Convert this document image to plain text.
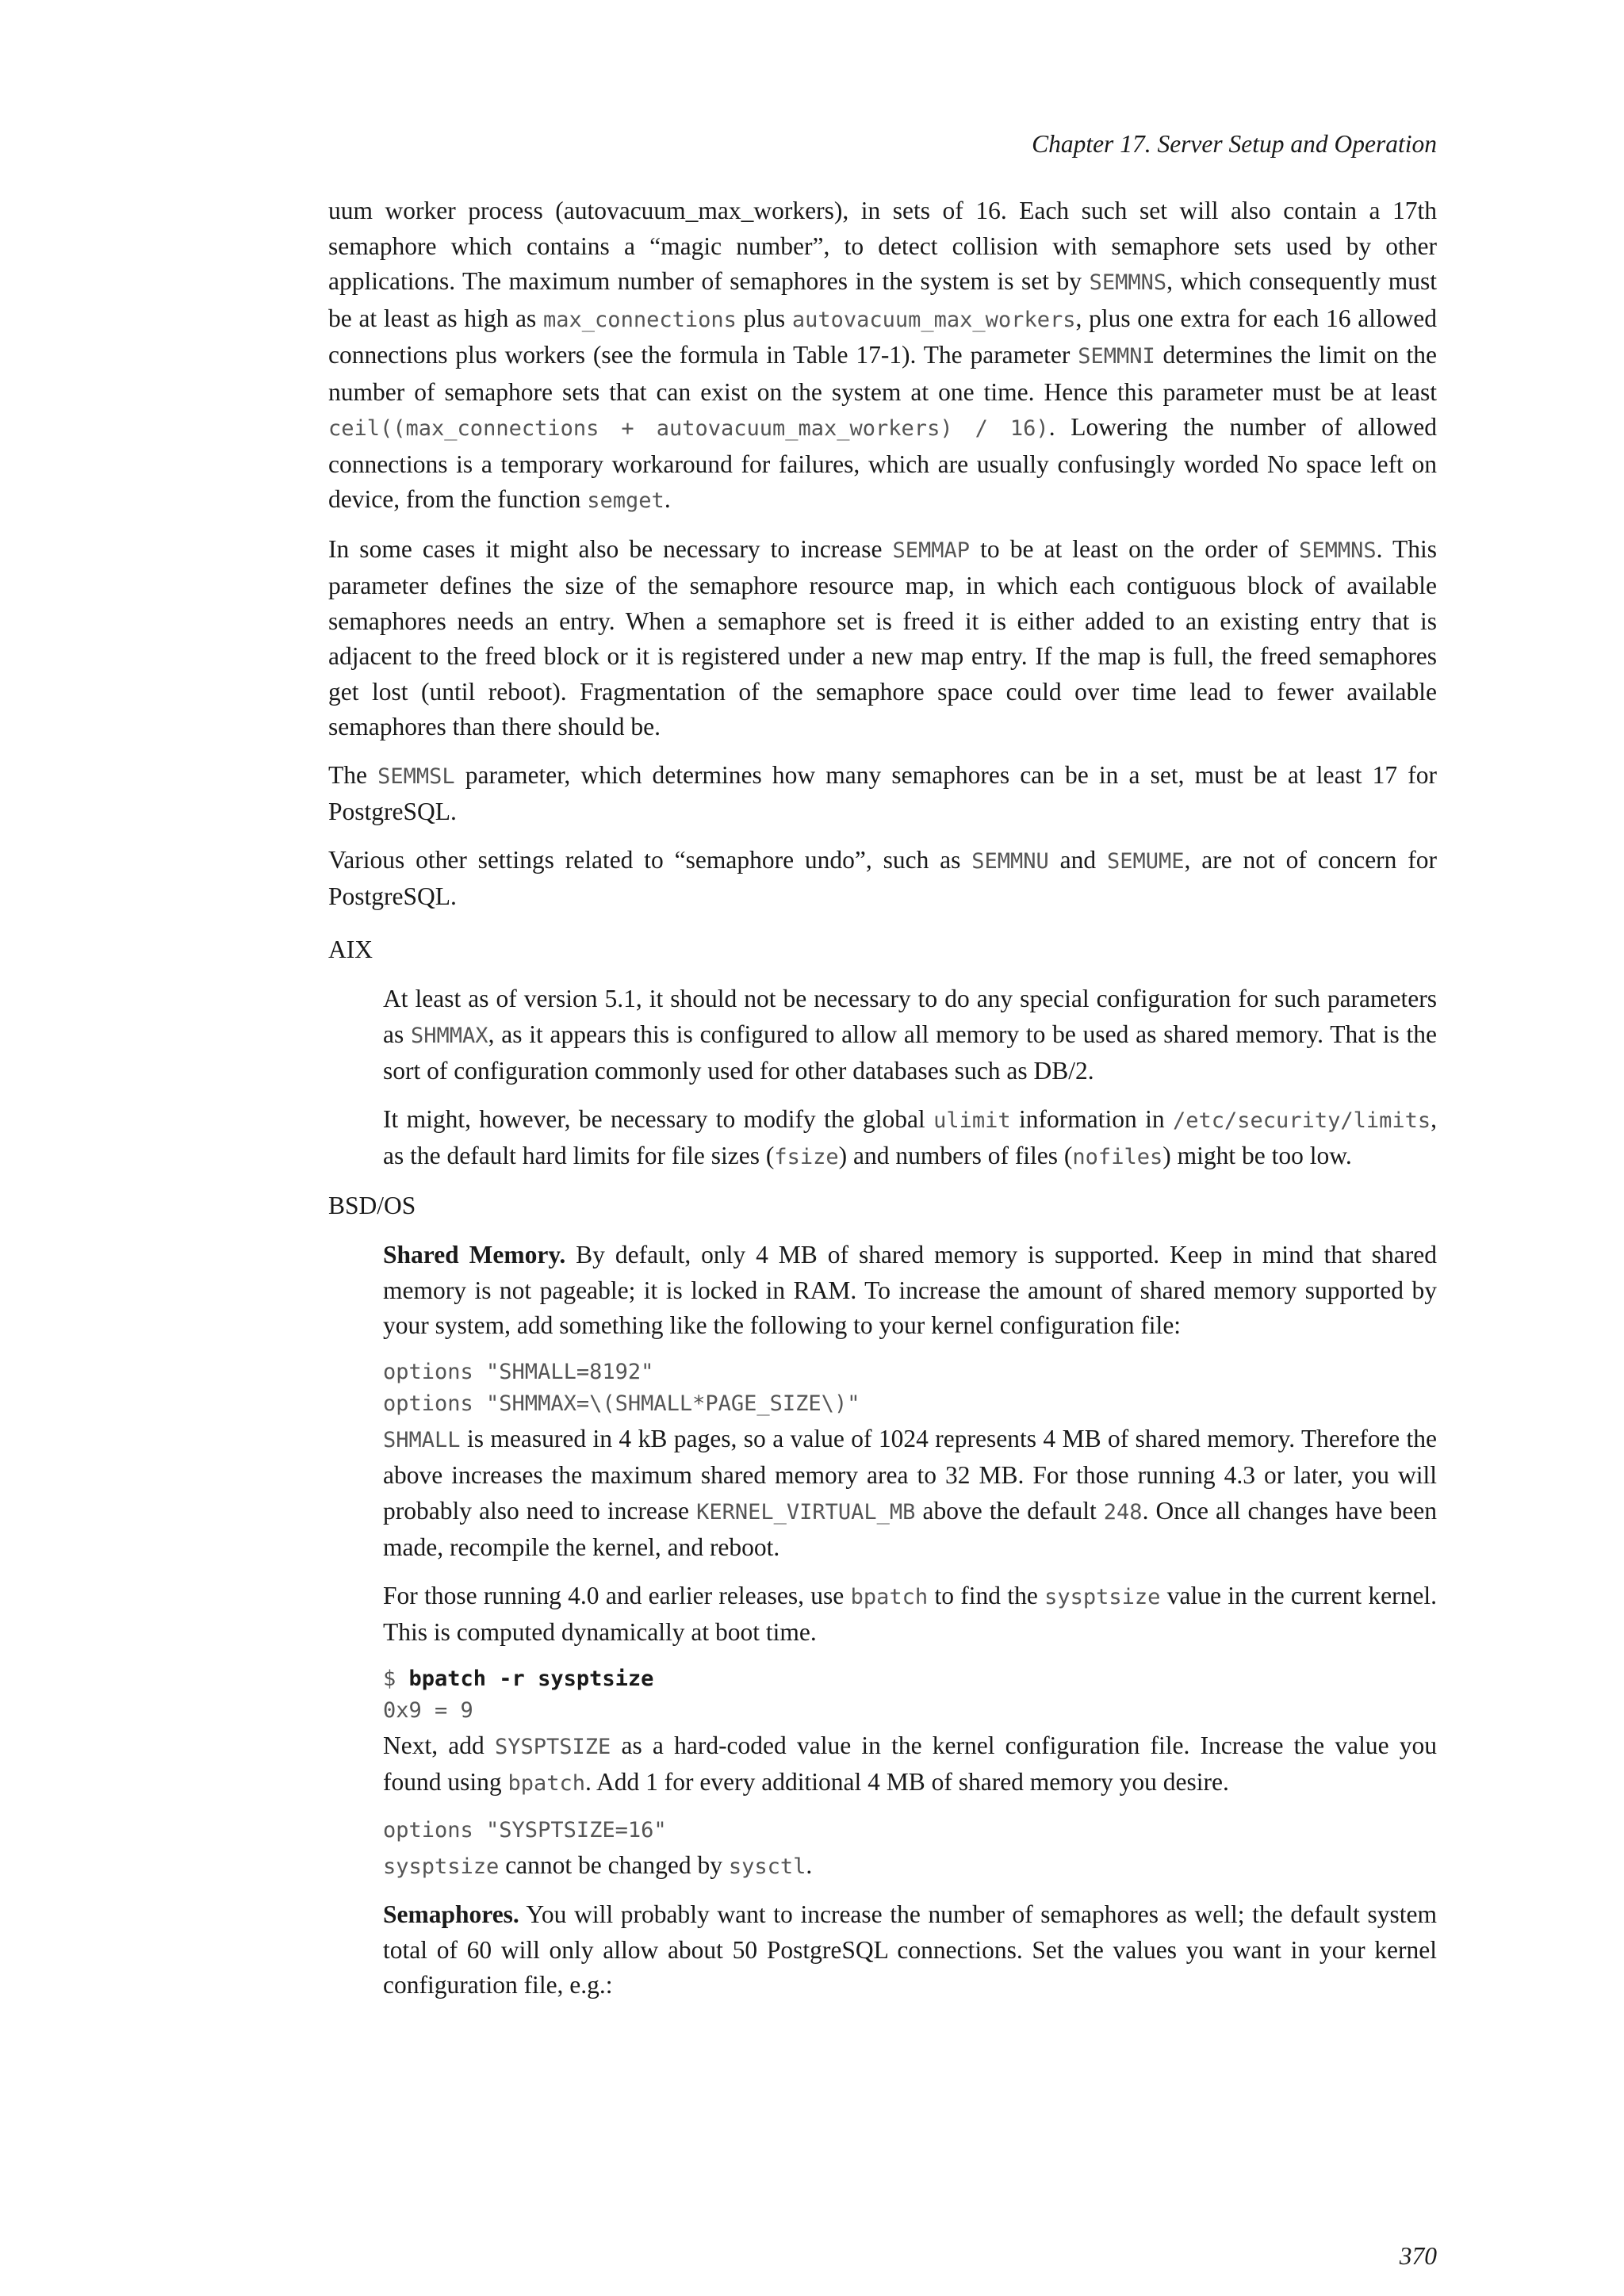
Chapter 17. Server Setup and Operation

uum worker process (autovacuum_max_workers), in sets of 16. Each such set will also contain a 17th semaphore which contains a “magic number”, to detect collision with semaphore sets used by other applications. The maximum number of semaphores in the system is set by SEMMNS, which consequently must be at least as high as max_connections plus autovacuum_max_workers, plus one extra for each 16 allowed connections plus workers (see the formula in Table 17-1). The parameter SEMMNI determines the limit on the number of semaphore sets that can exist on the system at one time. Hence this parameter must be at least ceil((max_connections + autovacuum_max_workers) / 16). Lowering the number of allowed connections is a temporary workaround for failures, which are usually confusingly worded No space left on device, from the function semget.

In some cases it might also be necessary to increase SEMMAP to be at least on the order of SEMMNS. This parameter defines the size of the semaphore resource map, in which each contiguous block of available semaphores needs an entry. When a semaphore set is freed it is either added to an existing entry that is adjacent to the freed block or it is registered under a new map entry. If the map is full, the freed semaphores get lost (until reboot). Fragmentation of the semaphore space could over time lead to fewer available semaphores than there should be.

The SEMMSL parameter, which determines how many semaphores can be in a set, must be at least 17 for PostgreSQL.

Various other settings related to “semaphore undo”, such as SEMMNU and SEMUME, are not of concern for PostgreSQL.

AIX

At least as of version 5.1, it should not be necessary to do any special configuration for such parameters as SHMMAX, as it appears this is configured to allow all memory to be used as shared memory. That is the sort of configuration commonly used for other databases such as DB/2.

It might, however, be necessary to modify the global ulimit information in /etc/security/limits, as the default hard limits for file sizes (fsize) and numbers of files (nofiles) might be too low.

BSD/OS

Shared Memory. By default, only 4 MB of shared memory is supported. Keep in mind that shared memory is not pageable; it is locked in RAM. To increase the amount of shared memory supported by your system, add something like the following to your kernel configuration file:

options "SHMALL=8192"
options "SHMMAX=\(SHMALL*PAGE_SIZE\)"

SHMALL is measured in 4 kB pages, so a value of 1024 represents 4 MB of shared memory. Therefore the above increases the maximum shared memory area to 32 MB. For those running 4.3 or later, you will probably also need to increase KERNEL_VIRTUAL_MB above the default 248. Once all changes have been made, recompile the kernel, and reboot.

For those running 4.0 and earlier releases, use bpatch to find the sysptsize value in the current kernel. This is computed dynamically at boot time.

$ bpatch -r sysptsize
0x9 = 9

Next, add SYSPTSIZE as a hard-coded value in the kernel configuration file. Increase the value you found using bpatch. Add 1 for every additional 4 MB of shared memory you desire.

options "SYSPTSIZE=16"

sysptsize cannot be changed by sysctl.

Semaphores. You will probably want to increase the number of semaphores as well; the default system total of 60 will only allow about 50 PostgreSQL connections. Set the values you want in your kernel configuration file, e.g.:

370
